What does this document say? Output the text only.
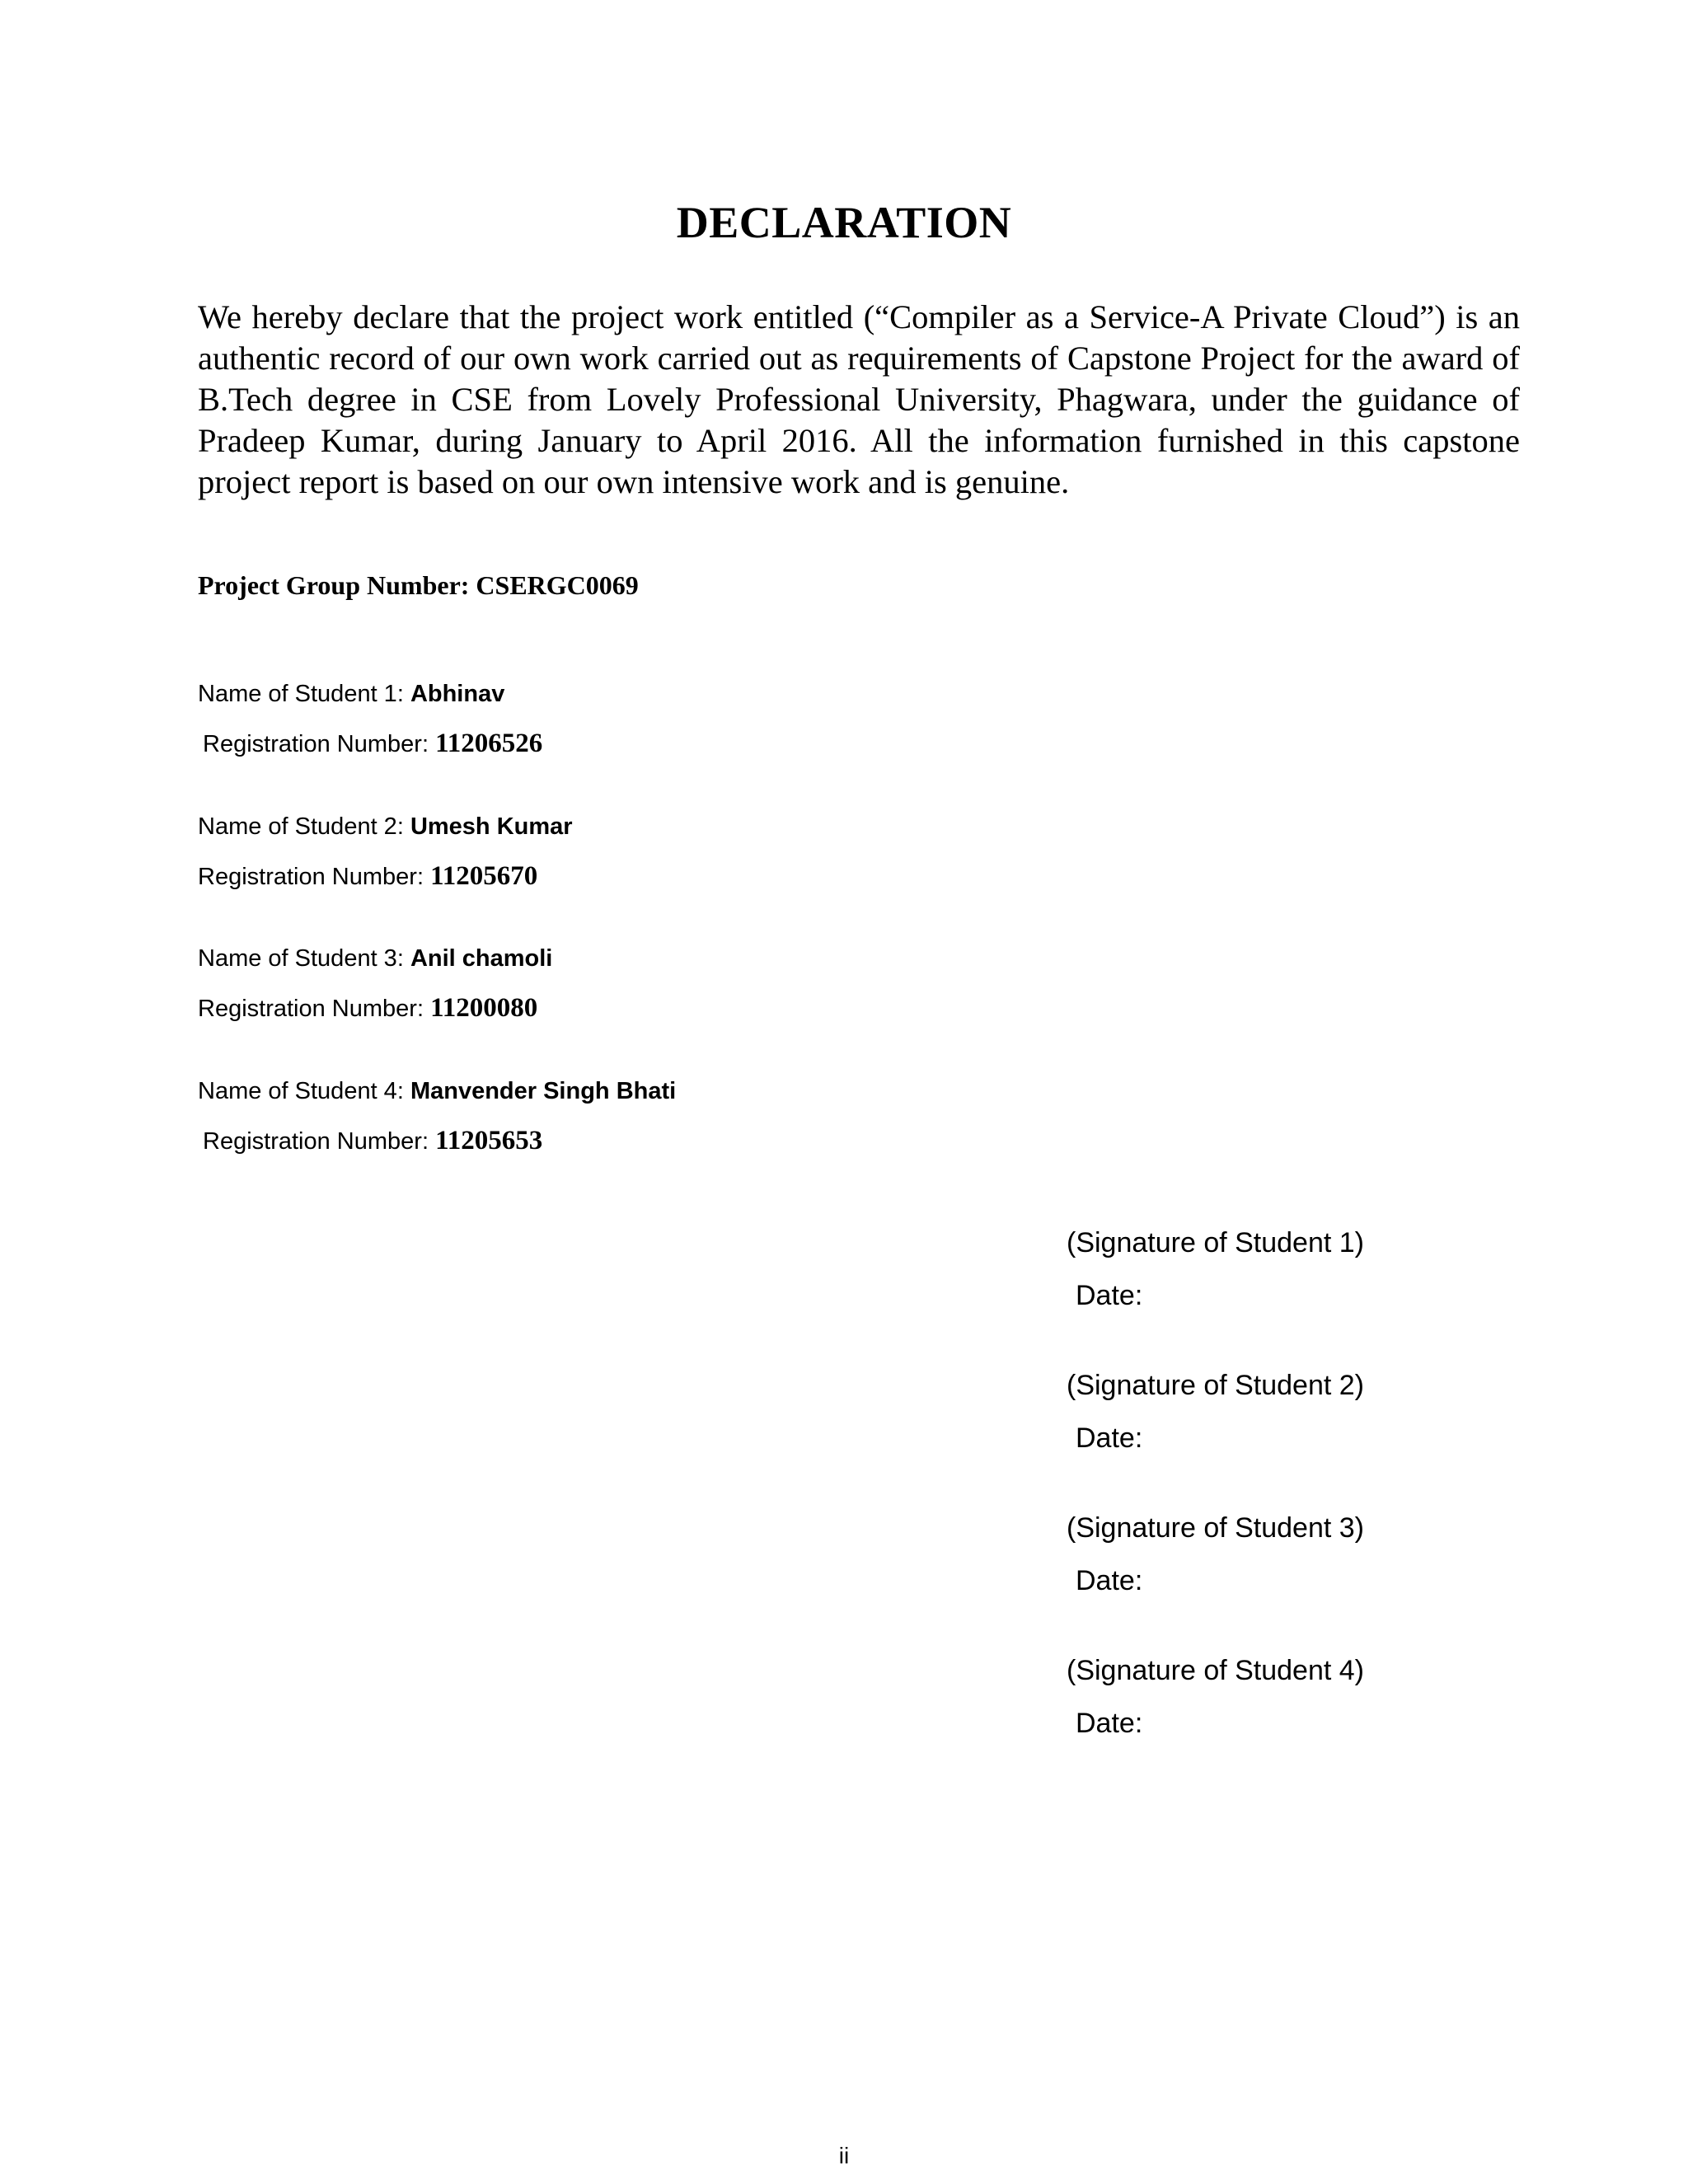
DECLARATION

We hereby declare that the project work entitled (“Compiler as a Service-A Private Cloud”) is an authentic record of our own work carried out as requirements of Capstone Project for the award of B.Tech degree in CSE from Lovely Professional University, Phagwara, under the guidance of Pradeep Kumar, during January to April 2016. All the information furnished in this capstone project report is based on our own intensive work and is genuine.

Project Group Number: CSERGC0069
Name of Student 1: Abhinav
Registration Number: 11206526
Name of Student 2: Umesh Kumar
Registration Number: 11205670
Name of Student 3: Anil chamoli
Registration Number: 11200080
Name of Student 4: Manvender Singh Bhati
Registration Number: 11205653
(Signature of Student 1)
Date:
(Signature of Student 2)
Date:
(Signature of Student 3)
Date:
(Signature of Student 4)
Date:
ii
